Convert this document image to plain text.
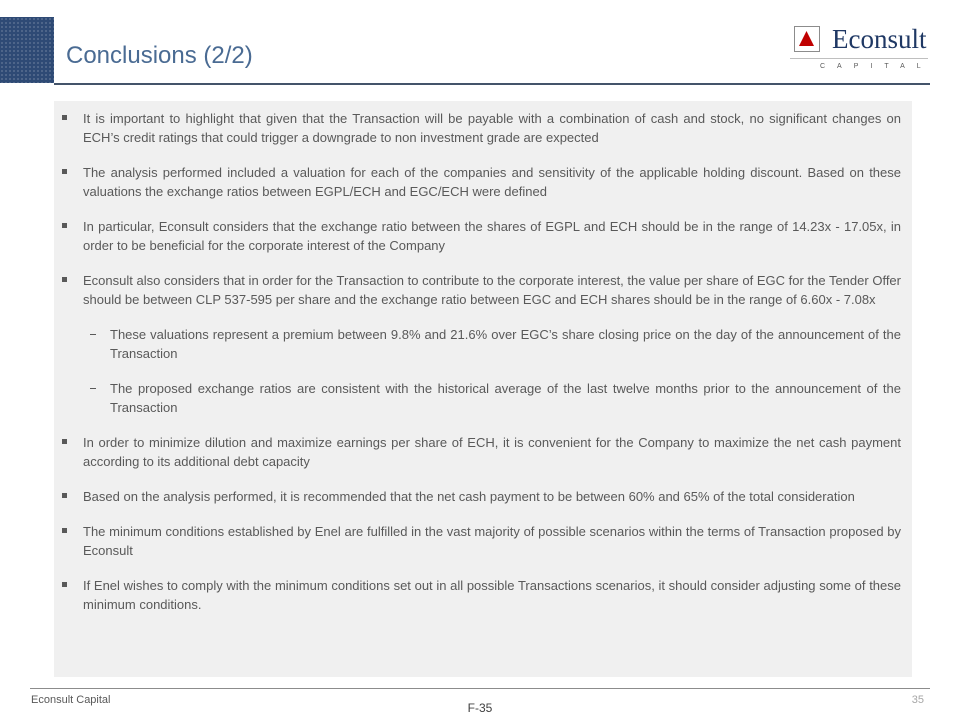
Conclusions (2/2)
Econsult
CAPITAL
It is important to highlight that given that the Transaction will be payable with a combination of cash and stock, no significant changes on ECH’s credit ratings that could trigger a downgrade to non investment grade are expected
The analysis performed included a valuation for each of the companies and sensitivity of the applicable holding discount. Based on these valuations the exchange ratios between EGPL/ECH and EGC/ECH were defined
In particular, Econsult considers that the exchange ratio between the shares of EGPL and ECH should be in the range of 14.23x - 17.05x, in order to be beneficial for the corporate interest of the Company
Econsult also considers that in order for the Transaction to contribute to the corporate interest, the value per share of EGC for the Tender Offer should be between CLP 537-595 per share and the exchange ratio between EGC and ECH shares should be in the range of 6.60x - 7.08x
These valuations represent a premium between 9.8% and 21.6% over EGC’s share closing price on the day of the announcement of the Transaction
The proposed exchange ratios are consistent with the historical average of the last twelve months prior to the announcement of the Transaction
In order to minimize dilution and maximize earnings per share of ECH, it is convenient for the Company to maximize the net cash payment according to its additional debt capacity
Based on the analysis performed, it is recommended that the net cash payment to be between 60% and 65% of the total consideration
The minimum conditions established by Enel are fulfilled in the vast majority of possible scenarios within the terms of Transaction proposed by Econsult
If Enel wishes to comply with the minimum conditions set out in all possible Transactions scenarios, it should consider adjusting some of these minimum conditions.
Econsult Capital
F-35
35
